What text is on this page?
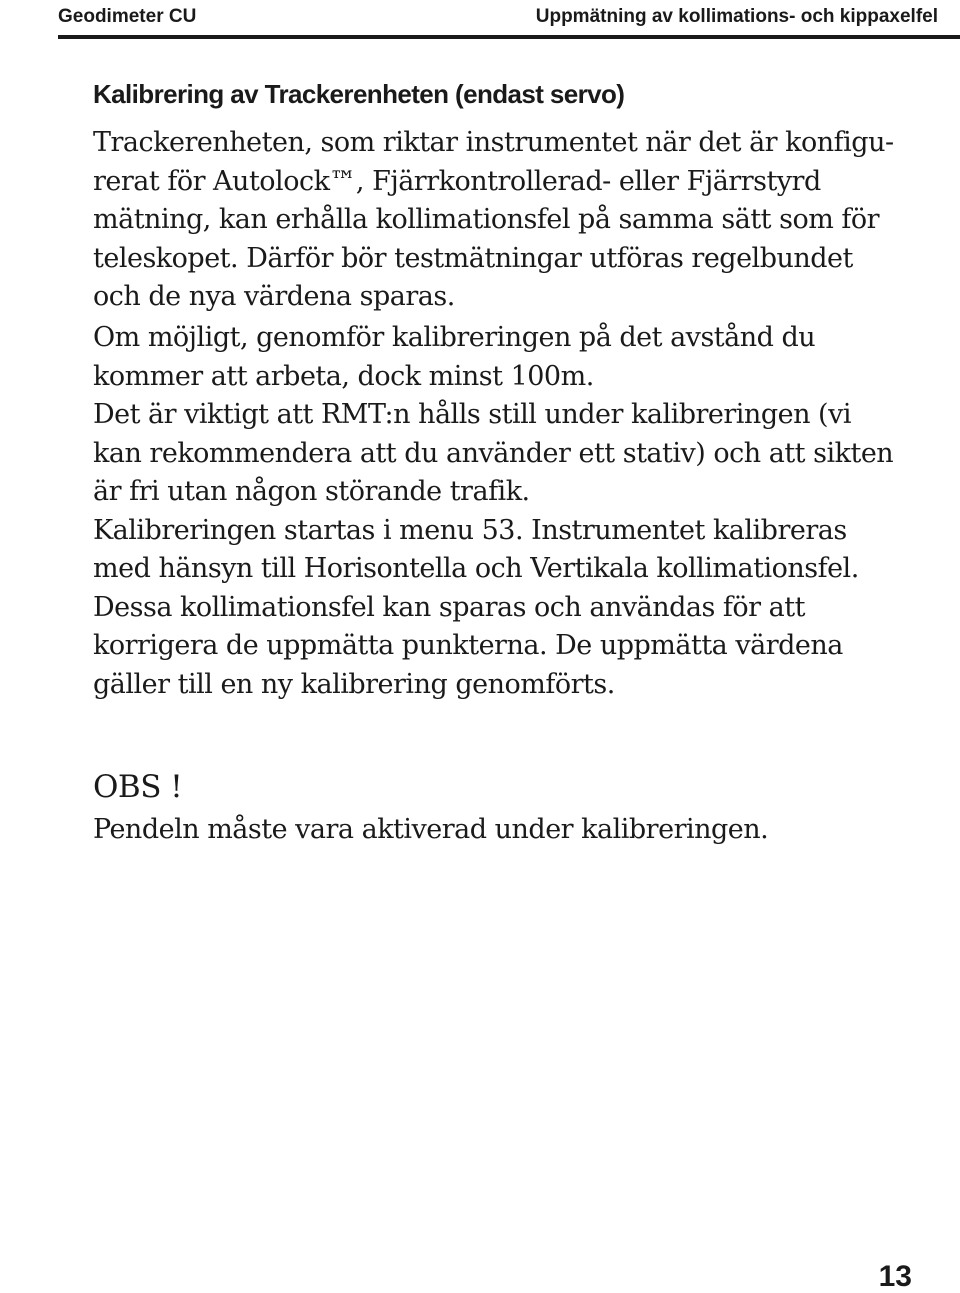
Geodimeter CU	Uppmätning av kollimations- och kippaxelfel
Kalibrering av Trackerenheten (endast servo)
Trackerenheten, som riktar instrumentet när det är konfigu-
rerat för Autolock™, Fjärrkontrollerad- eller Fjärrstyrd
mätning, kan erhålla kollimationsfel på samma sätt som för
teleskopet. Därför bör testmätningar utföras regelbundet
och de nya värdena sparas.
Om möjligt, genomför kalibreringen på det avstånd du
kommer att arbeta, dock minst 100m.
Det är viktigt att RMT:n hålls still under kalibreringen (vi
kan rekommendera att du använder ett stativ) och att sikten
är fri utan någon störande trafik.
Kalibreringen startas i menu 53. Instrumentet kalibreras
med hänsyn till Horisontella och Vertikala kollimationsfel.
Dessa kollimationsfel kan sparas och användas för att
korrigera de uppmätta punkterna. De uppmätta värdena
gäller till en ny kalibrering genomförts.
OBS !
Pendeln måste vara aktiverad under kalibreringen.
13
